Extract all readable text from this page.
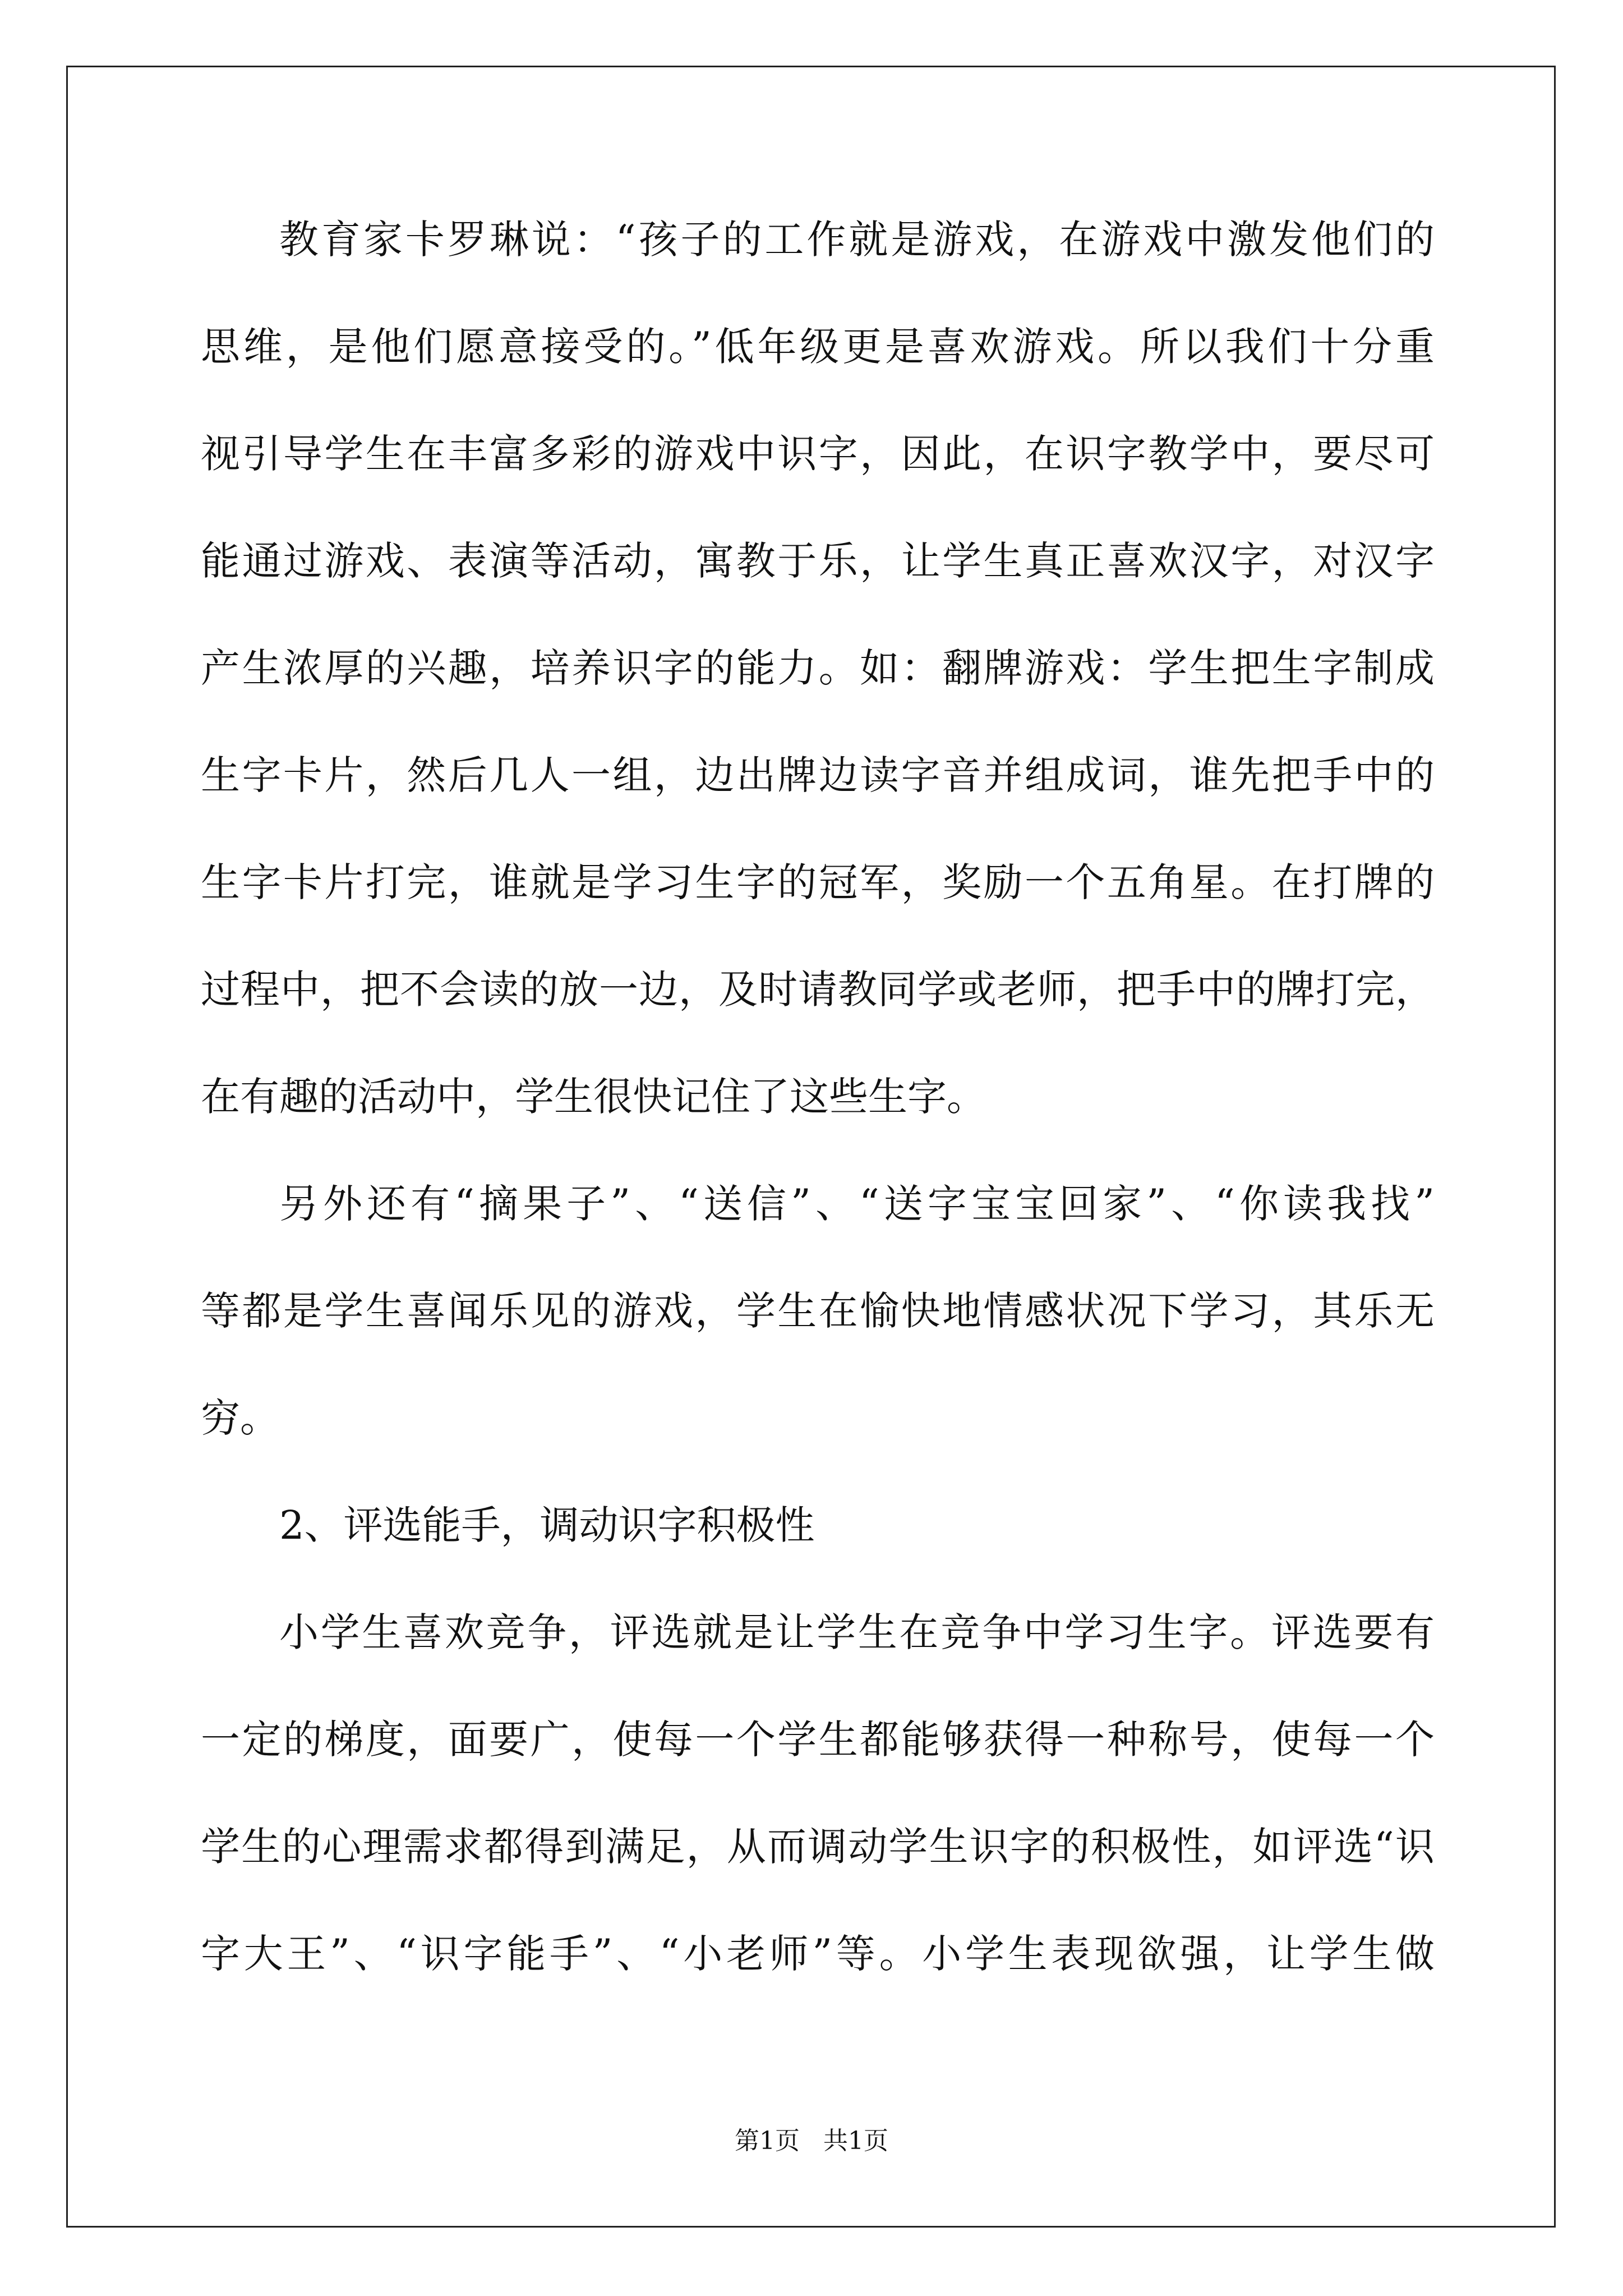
教育家卡罗琳说：“孩子的工作就是游戏，在游戏中激发他们的
思维，是他们愿意接受的。”低年级更是喜欢游戏。所以我们十分重
视引导学生在丰富多彩的游戏中识字，因此，在识字教学中，要尽可
能通过游戏、表演等活动，寓教于乐，让学生真正喜欢汉字，对汉字
产生浓厚的兴趣，培养识字的能力。如：翻牌游戏：学生把生字制成
生字卡片，然后几人一组，边出牌边读字音并组成词，谁先把手中的
生字卡片打完，谁就是学习生字的冠军，奖励一个五角星。在打牌的
过程中，把不会读的放一边，及时请教同学或老师，把手中的牌打完，
在有趣的活动中，学生很快记住了这些生字。
另外还有“摘果子”、“送信”、“送字宝宝回家”、“你读我找”
等都是学生喜闻乐见的游戏，学生在愉快地情感状况下学习，其乐无
穷。
2、评选能手，调动识字积极性
小学生喜欢竞争，评选就是让学生在竞争中学习生字。评选要有
一定的梯度，面要广，使每一个学生都能够获得一种称号，使每一个
学生的心理需求都得到满足，从而调动学生识字的积极性，如评选“识
字大王”、“识字能手”、“小老师”等。小学生表现欲强，让学生做
第1页 共1页
